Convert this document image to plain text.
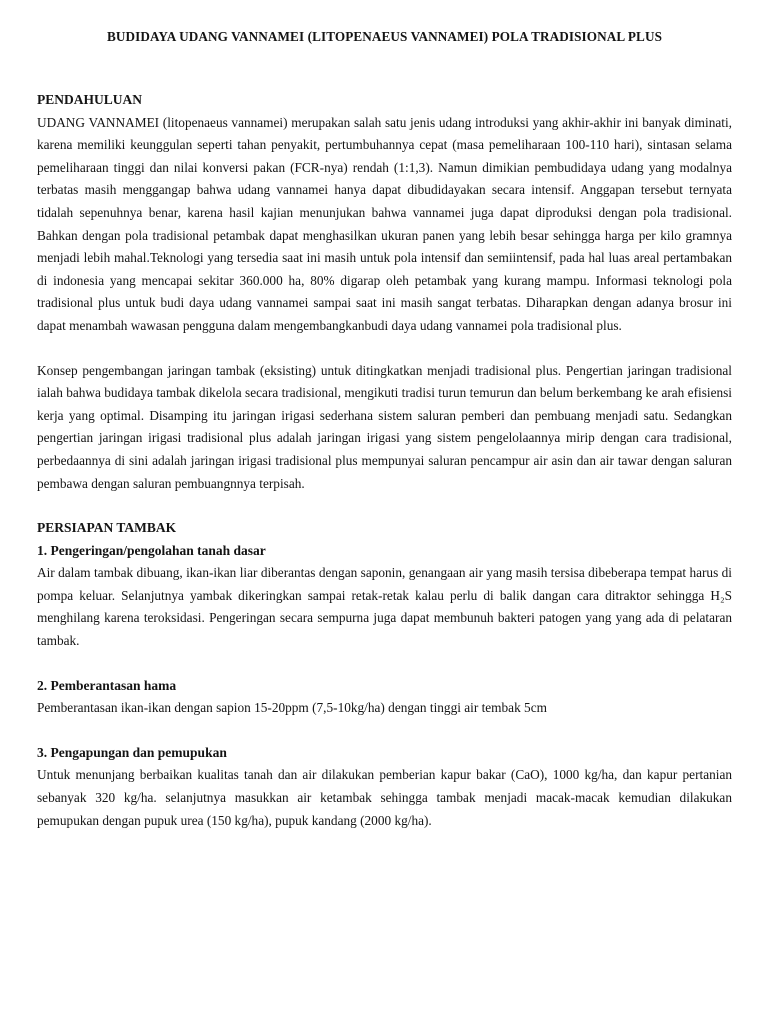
BUDIDAYA UDANG VANNAMEI (LITOPENAEUS VANNAMEI) POLA TRADISIONAL PLUS
PENDAHULUAN

UDANG VANNAMEI (litopenaeus vannamei) merupakan salah satu jenis udang introduksi yang akhir-akhir ini banyak diminati, karena memiliki keunggulan seperti tahan penyakit, pertumbuhannya cepat (masa pemeliharaan 100-110 hari), sintasan selama pemeliharaan tinggi dan nilai konversi pakan (FCR-nya) rendah (1:1,3). Namun dimikian pembudidaya udang yang modalnya terbatas masih menggangap bahwa udang vannamei hanya dapat dibudidayakan secara intensif. Anggapan tersebut ternyata tidalah sepenuhnya benar, karena hasil kajian menunjukan bahwa vannamei juga dapat diproduksi dengan pola tradisional. Bahkan dengan pola tradisional petambak dapat menghasilkan ukuran panen yang lebih besar sehingga harga per kilo gramnya menjadi lebih mahal.Teknologi yang tersedia saat ini masih untuk pola intensif dan semiintensif, pada hal luas areal pertambakan di indonesia yang mencapai sekitar 360.000 ha, 80% digarap oleh petambak yang kurang mampu. Informasi teknologi pola tradisional plus untuk budi daya udang vannamei sampai saat ini masih sangat terbatas. Diharapkan dengan adanya brosur ini dapat menambah wawasan pengguna dalam mengembangkanbudi daya udang vannamei pola tradisional plus.

Konsep pengembangan jaringan tambak (eksisting) untuk ditingkatkan menjadi tradisional plus. Pengertian jaringan tradisional ialah bahwa budidaya tambak dikelola secara tradisional, mengikuti tradisi turun temurun dan belum berkembang ke arah efisiensi kerja yang optimal. Disamping itu jaringan irigasi sederhana sistem saluran pemberi dan pembuang menjadi satu. Sedangkan pengertian jaringan irigasi tradisional plus adalah jaringan irigasi yang sistem pengelolaannya mirip dengan cara tradisional, perbedaannya di sini adalah jaringan irigasi tradisional plus mempunyai saluran pencampur air asin dan air tawar dengan saluran pembawa dengan saluran pembuangnnya terpisah.

PERSIAPAN TAMBAK
1. Pengeringan/pengolahan tanah dasar

Air dalam tambak dibuang, ikan-ikan liar diberantas dengan saponin, genangaan air yang masih tersisa dibeberapa tempat harus di pompa keluar. Selanjutnya yambak dikeringkan sampai retak-retak kalau perlu di balik dangan cara ditraktor sehingga H₂S menghilang karena teroksidasi. Pengeringan secara sempurna juga dapat membunuh bakteri patogen yang yang ada di pelataran tambak.

2. Pemberantasan hama

Pemberantasan ikan-ikan dengan sapion 15-20ppm (7,5-10kg/ha) dengan tinggi air tembak 5cm

3. Pengapungan dan pemupukan

Untuk menunjang berbaikan kualitas tanah dan air dilakukan pemberian kapur bakar (CaO), 1000 kg/ha, dan kapur pertanian sebanyak 320 kg/ha. selanjutnya masukkan air ketambak sehingga tambak menjadi macak-macak kemudian dilakukan pemupukan dengan pupuk urea (150 kg/ha), pupuk kandang (2000 kg/ha).
